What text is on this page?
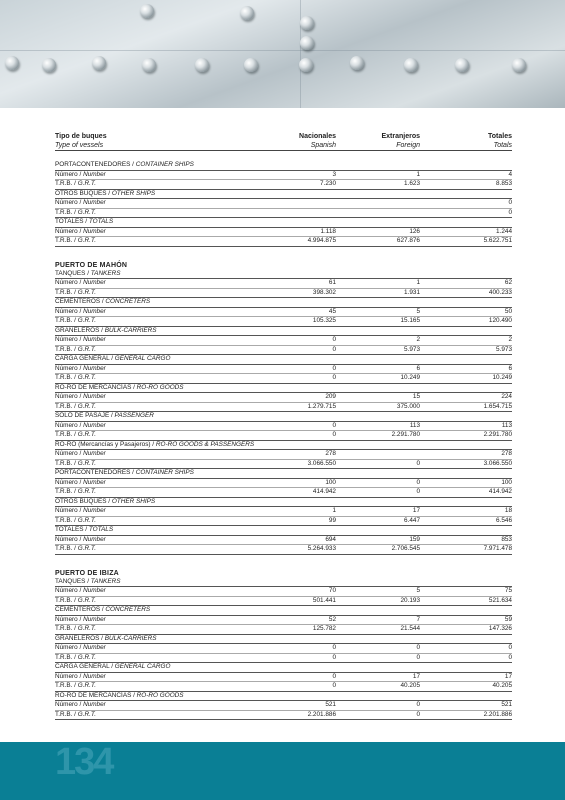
Tipo de buques	Nacionales	Extranjeros	Totales
Type of vessels	Spanish	Foreign	Totals

PORTACONTENEDORES / CONTAINER SHIPS			
Número / Number	3	1	4
T.R.B. / G.R.T.	7.230	1.623	8.853
OTROS BUQUES / OTHER SHIPS			
Número / Number			0
T.R.B. / G.R.T.			0
TOTALES / TOTALS			
Número / Number	1.118	126	1.244
T.R.B. / G.R.T.	4.994.875	627.876	5.622.751

PUERTO DE MAHÓN			
TANQUES / TANKERS			
Número / Number	61	1	62
T.R.B. / G.R.T.	398.302	1.931	400.233
CEMENTEROS / CONCRETERS			
Número / Number	45	5	50
T.R.B. / G.R.T.	105.325	15.165	120.490
GRANELEROS / BULK-CARRIERS			
Número / Number	0	2	2
T.R.B. / G.R.T.	0	5.973	5.973
CARGA GENERAL / GENERAL CARGO			
Número / Number	0	6	6
T.R.B. / G.R.T.	0	10.249	10.249
RO-RO DE MERCANCÍAS / RO-RO GOODS			
Número / Number	209	15	224
T.R.B. / G.R.T.	1.279.715	375.000	1.654.715
SÓLO DE PASAJE / PASSENGER			
Número / Number	0	113	113
T.R.B. / G.R.T.	0	2.291.780	2.291.780
RO-RO (Mercancías y Pasajeros) / RO-RO GOODS & PASSENGERS			
Número / Number	278		278
T.R.B. / G.R.T.	3.066.550	0	3.066.550
PORTACONTENEDORES / CONTAINER SHIPS			
Número / Number	100	0	100
T.R.B. / G.R.T.	414.942	0	414.942
OTROS BUQUES / OTHER SHIPS			
Número / Number	1	17	18
T.R.B. / G.R.T.	99	6.447	6.546
TOTALES / TOTALS			
Número / Number	694	159	853
T.R.B. / G.R.T.	5.264.933	2.706.545	7.971.478

PUERTO DE IBIZA			
TANQUES / TANKERS			
Número / Number	70	5	75
T.R.B. / G.R.T.	501.441	20.193	521.634
CEMENTEROS / CONCRETERS			
Número / Number	52	7	59
T.R.B. / G.R.T.	125.782	21.544	147.326
GRANELEROS / BULK-CARRIERS			
Número / Number	0	0	0
T.R.B. / G.R.T.	0	0	0
CARGA GENERAL / GENERAL CARGO			
Número / Number	0	17	17
T.R.B. / G.R.T.	0	40.205	40.205
RO-RO DE MERCANCÍAS / RO-RO GOODS			
Número / Number	521	0	521
T.R.B. / G.R.T.	2.201.886	0	2.201.886
134
